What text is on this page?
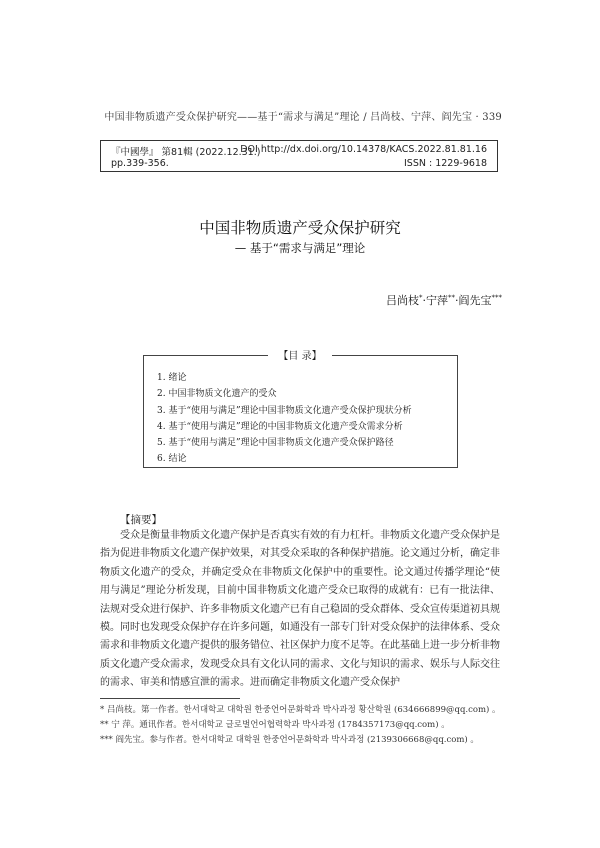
中国非物质遗产受众保护研究——基于“需求与满足”理论 / 吕尚枝、宁萍、阎先宝 · 339
『中國學』 第81輯 (2022.12.31.)
pp.339-356.
DOI http://dx.doi.org/10.14378/KACS.2022.81.81.16
ISSN : 1229-9618
中国非物质遗产受众保护研究
— 基于“需求与满足”理论
吕尚枝*·宁萍**·阎先宝***
【目 录】
1. 绪论
2. 中国非物质文化遗产的受众
3. 基于“使用与满足”理论中国非物质文化遗产受众保护现状分析
4. 基于“使用与满足”理论的中国非物质文化遗产受众需求分析
5. 基于“使用与满足”理论中国非物质文化遗产受众保护路径
6. 结论
【摘要】

受众是衡量非物质文化遗产保护是否真实有效的有力杠杆。非物质文化遗产受众保护是指为促进非物质文化遗产保护效果，对其受众采取的各种保护措施。论文通过分析，确定非物质文化遗产的受众，并确定受众在非物质文化保护中的重要性。论文通过传播学理论“使用与满足”理论分析发现，目前中国非物质文化遗产受众已取得的成就有：已有一批法律、法规对受众进行保护、许多非物质文化遗产已有自己稳固的受众群体、受众宣传渠道初具规模。同时也发现受众保护存在许多问题，如通没有一部专门针对受众保护的法律体系、受众需求和非物质文化遗产提供的服务错位、社区保护力度不足等。在此基础上进一步分析非物质文化遗产受众需求，发现受众具有文化认同的需求、文化与知识的需求、娱乐与人际交往的需求、审美和情感宣泄的需求。进而确定非物质文化遗产受众保护

* 吕尚枝。第一作者。한서대학교 대학원 한중언어문화학과 박사과정 황산학원 (634666899@qq.com) 。
** 宁 萍。通讯作者。한서대학교 글로벌언어협력학과 박사과정 (1784357173@qq.com) 。
*** 阎先宝。参与作者。한서대학교 대학원 한중언어문화학과 박사과정 (2139306668@qq.com) 。
